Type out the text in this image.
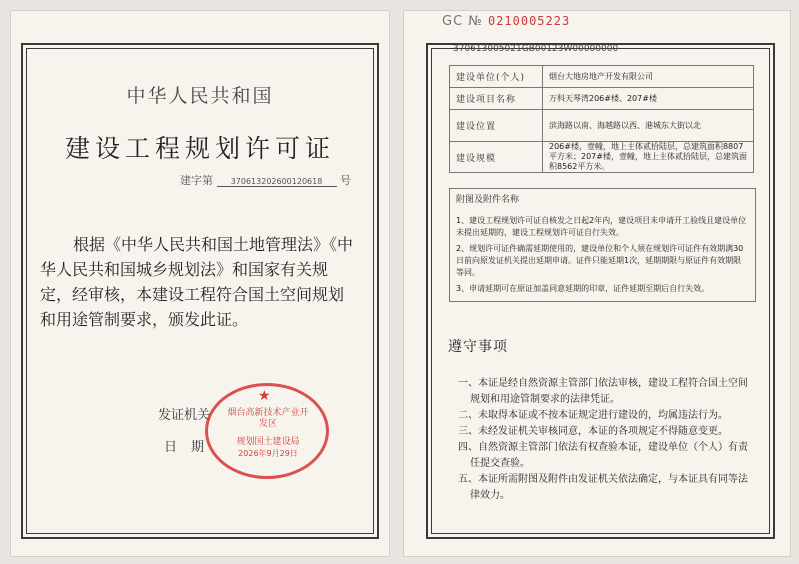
中华人民共和国
建设工程规划许可证
建字第 370613202600120618 号
根据《中华人民共和国土地管理法》《中华人民共和国城乡规划法》和国家有关规定，经审核，本建设工程符合国土空间规划和用途管制要求，颁发此证。
发证机关
日期
★
烟台高新技术产业开发区
规划国土建设局
2026年9月29日
GC № 0210005223
370613005021GB00123W00000000
建设单位(个人)	烟台大地房地产开发有限公司
建设项目名称	万科天琴湾206#楼、207#楼
建设位置	滨海路以南、海越路以西、港城东大街以北
建设规模	206#楼，壹幢，地上主体贰拾陆层，总建筑面积8807平方米；207#楼，壹幢，地上主体贰拾陆层，总建筑面积8562平方米。
附图及附件名称
1、建设工程规划许可证自核发之日起2年内，建设项目未申请开工验线且建设单位未提出延期的，建设工程规划许可证自行失效。
2、规划许可证件确需延期使用的，建设单位和个人须在规划许可证件有效期满30日前向原发证机关提出延期申请。证件只能延期1次，延期期限与原证件有效期限等同。
3、申请延期可在原证加盖同意延期的印章，证件延期至期后自行失效。
遵守事项
一、本证是经自然资源主管部门依法审核，建设工程符合国土空间规划和用途管制要求的法律凭证。
二、未取得本证或不按本证规定进行建设的，均属违法行为。
三、未经发证机关审核同意，本证的各项规定不得随意变更。
四、自然资源主管部门依法有权查验本证，建设单位（个人）有责任提交查验。
五、本证所需附图及附件由发证机关依法确定，与本证具有同等法律效力。
